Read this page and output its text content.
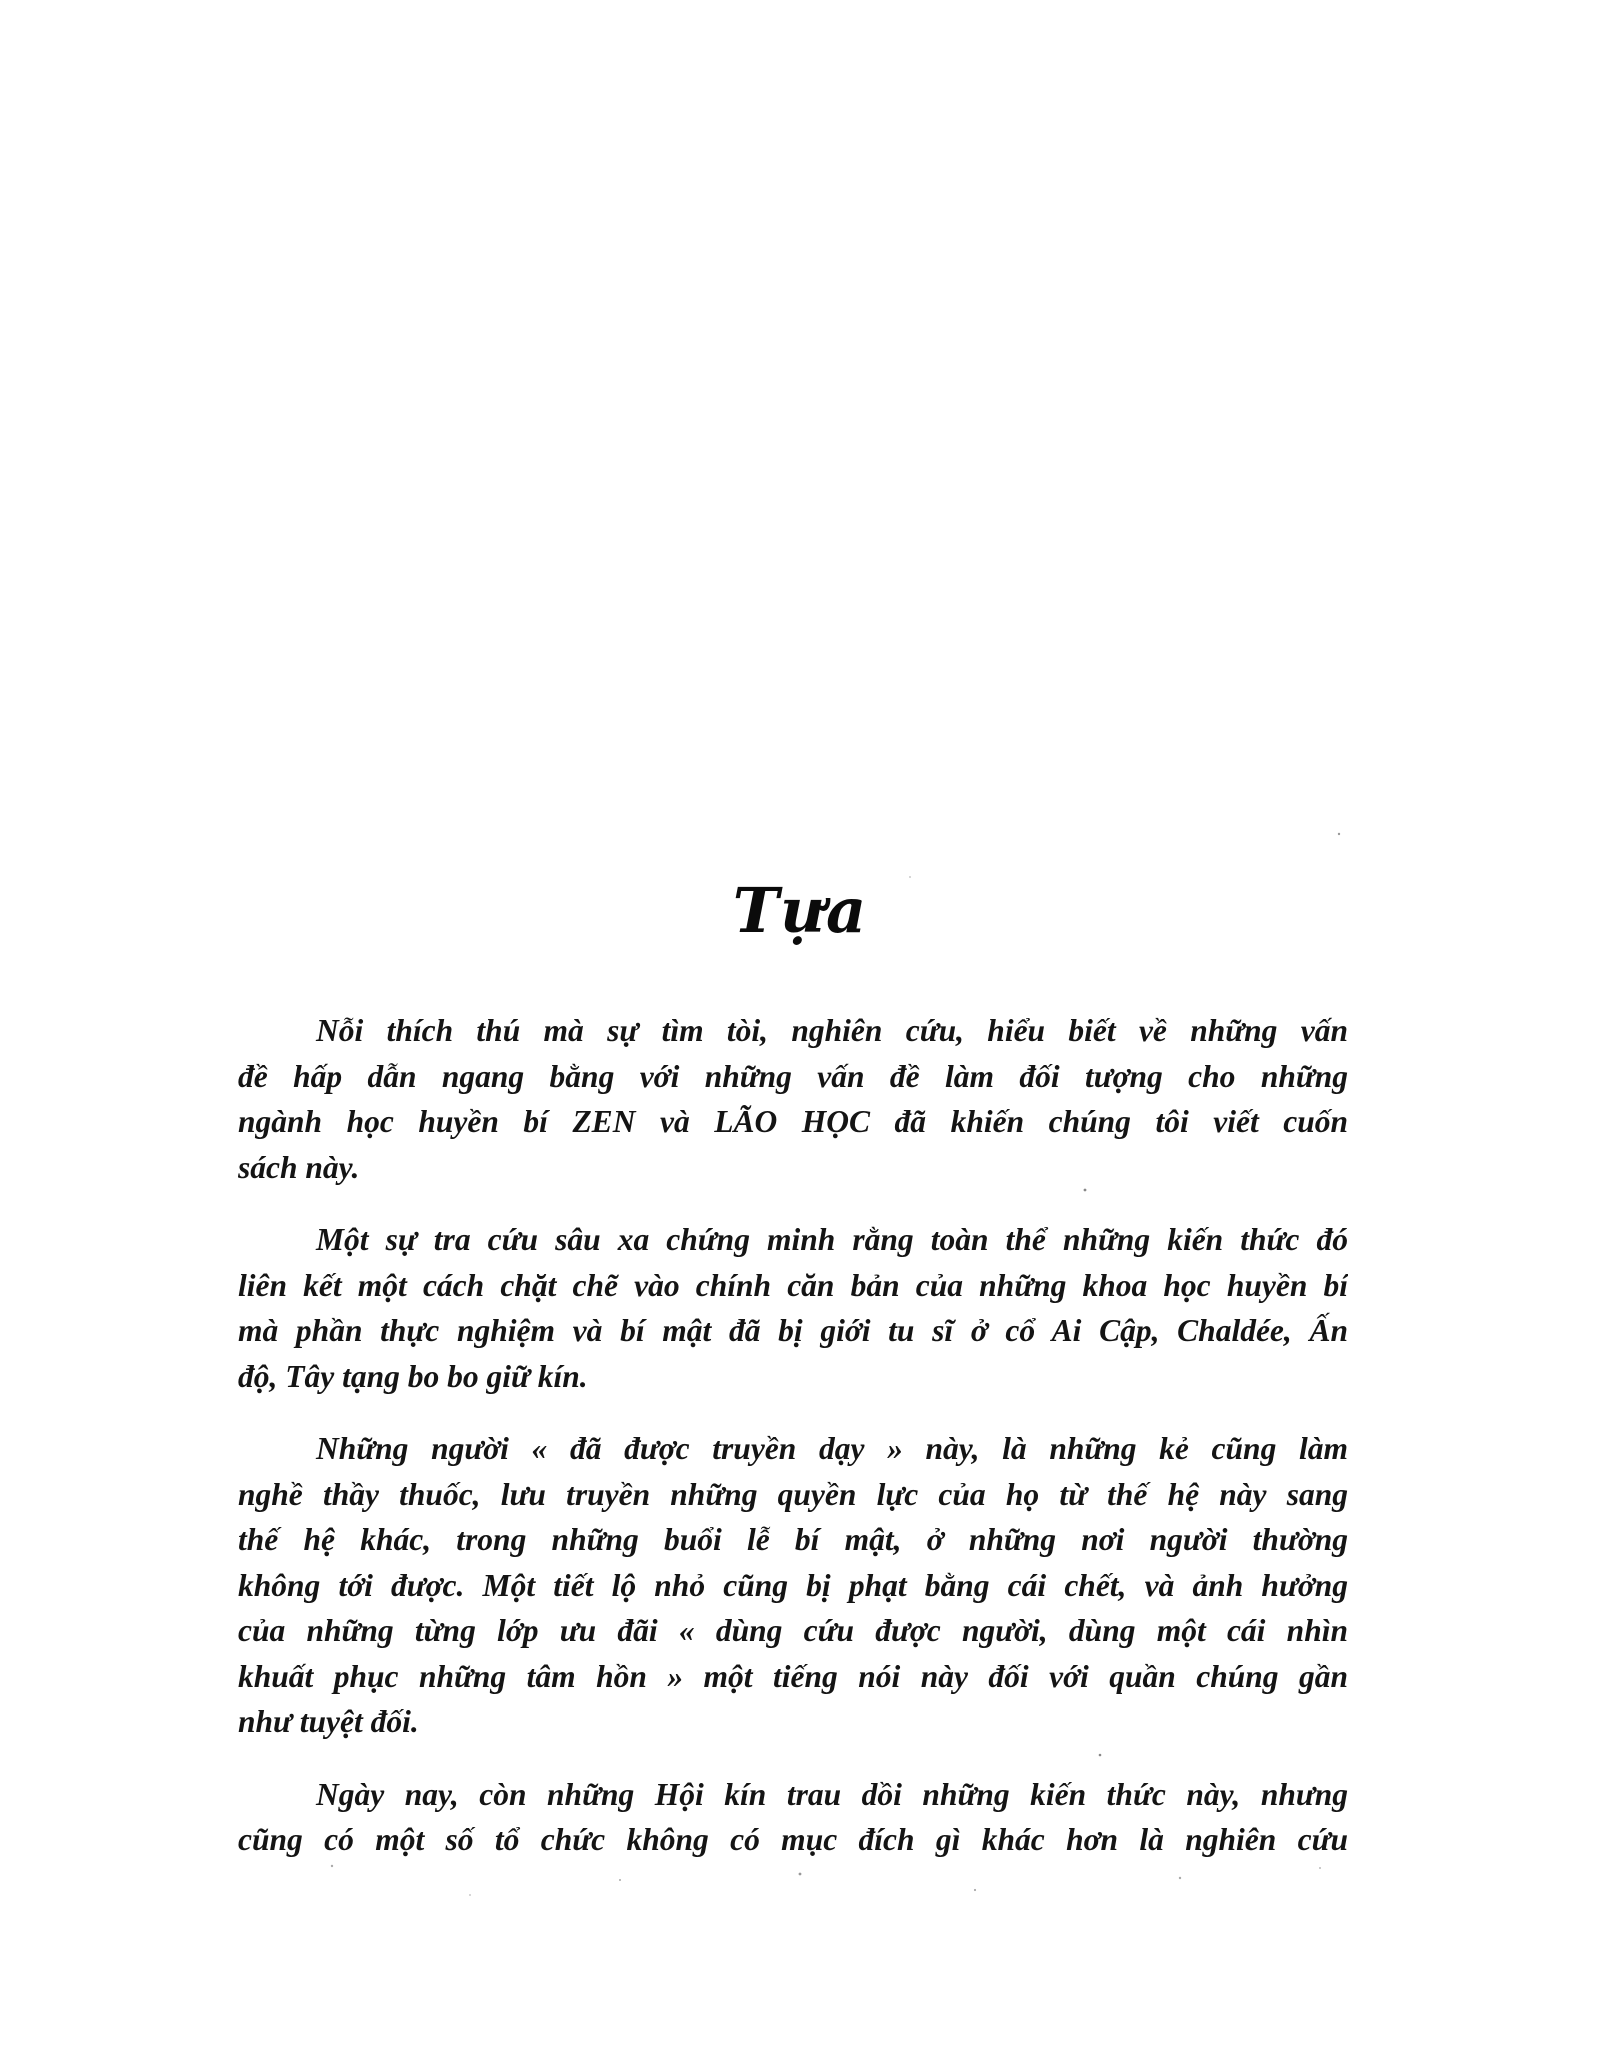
Tựa

Nỗi thích thú mà sự tìm tòi, nghiên cứu, hiểu biết về những vấn
đề hấp dẫn ngang bằng với những vấn đề làm đối tượng cho những
ngành học huyền bí ZEN và LÃO HỌC đã khiến chúng tôi viết cuốn
sách này.

Một sự tra cứu sâu xa chứng minh rằng toàn thể những kiến thức đó
liên kết một cách chặt chẽ vào chính căn bản của những khoa học huyền bí
mà phần thực nghiệm và bí mật đã bị giới tu sĩ ở cổ Ai Cập, Chaldée, Ấn
độ, Tây tạng bo bo giữ kín.

Những người « đã được truyền dạy » này, là những kẻ cũng làm
nghề thầy thuốc, lưu truyền những quyền lực của họ từ thế hệ này sang
thế hệ khác, trong những buổi lễ bí mật, ở những nơi người thường
không tới được. Một tiết lộ nhỏ cũng bị phạt bằng cái chết, và ảnh hưởng
của những từng lớp ưu đãi « dùng cứu được người, dùng một cái nhìn
khuất phục những tâm hồn » một tiếng nói này đối với quần chúng gần
như tuyệt đối.

Ngày nay, còn những Hội kín trau dồi những kiến thức này, nhưng
cũng có một số tổ chức không có mục đích gì khác hơn là nghiên cứu
